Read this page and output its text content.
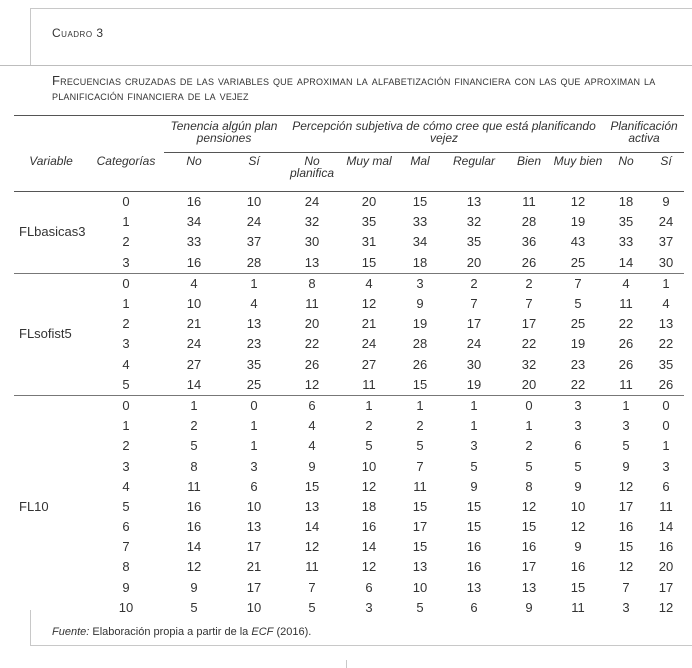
Cuadro 3
Frecuencias cruzadas de las variables que aproximan la alfabetización financiera con las que aproximan la planificación financiera de la vejez
		Tenencia algún plan pensiones		Percepción subjetiva de cómo cree que está planificando vejez						Planificación activa	
Variable	Categorías	No	Sí	No planifica	Muy mal	Mal	Regular	Bien	Muy bien	No	Sí
FLbasicas3	0	16	10	24	20	15	13	11	12	18	9
	1	34	24	32	35	33	32	28	19	35	24
	2	33	37	30	31	34	35	36	43	33	37
	3	16	28	13	15	18	20	26	25	14	30
FLsofist5	0	4	1	8	4	3	2	2	7	4	1
	1	10	4	11	12	9	7	7	5	11	4
	2	21	13	20	21	19	17	17	25	22	13
	3	24	23	22	24	28	24	22	19	26	22
	4	27	35	26	27	26	30	32	23	26	35
	5	14	25	12	11	15	19	20	22	11	26
FL10	0	1	0	6	1	1	1	0	3	1	0
	1	2	1	4	2	2	1	1	3	3	0
	2	5	1	4	5	5	3	2	6	5	1
	3	8	3	9	10	7	5	5	5	9	3
	4	11	6	15	12	11	9	8	9	12	6
	5	16	10	13	18	15	15	12	10	17	11
	6	16	13	14	16	17	15	15	12	16	14
	7	14	17	12	14	15	16	16	9	15	16
	8	12	21	11	12	13	16	17	16	12	20
	9	9	17	7	6	10	13	13	15	7	17
	10	5	10	5	3	5	6	9	11	3	12
Fuente: Elaboración propia a partir de la ECF (2016).
